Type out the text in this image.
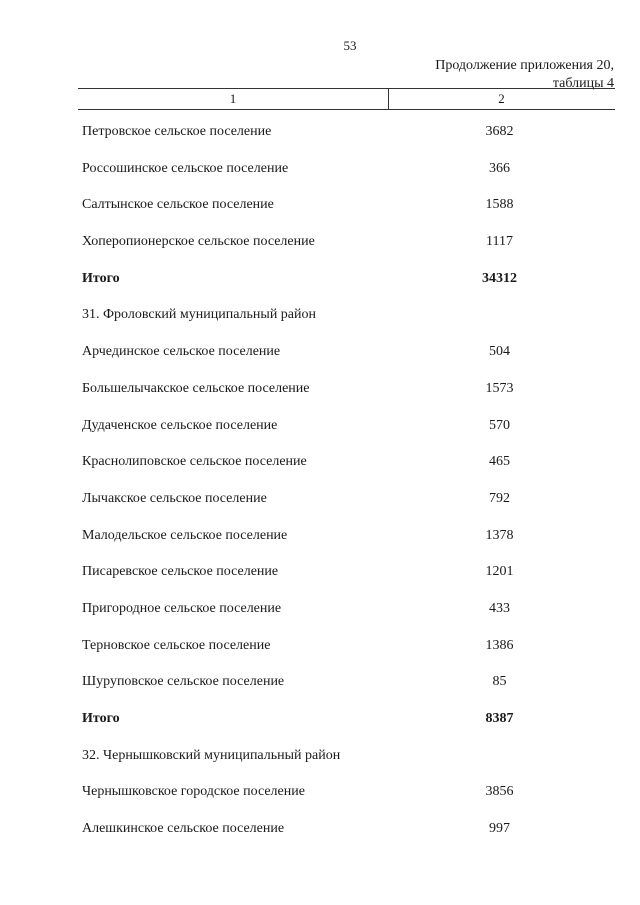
53
Продолжение приложения 20,
таблицы 4
1	2
Петровское сельское поселение	3682
Россошинское сельское поселение	366
Салтынское сельское поселение	1588
Хоперопионерское сельское поселение	1117
Итого	34312
31. Фроловский муниципальный район
Арчединское сельское поселение	504
Большелычакское сельское поселение	1573
Дудаченское сельское поселение	570
Краснолиповское сельское поселение	465
Лычакское сельское поселение	792
Малодельское сельское поселение	1378
Писаревское сельское поселение	1201
Пригородное сельское поселение	433
Терновское сельское поселение	1386
Шуруповское сельское поселение	85
Итого	8387
32. Чернышковский муниципальный район
Чернышковское городское поселение	3856
Алешкинское сельское поселение	997
